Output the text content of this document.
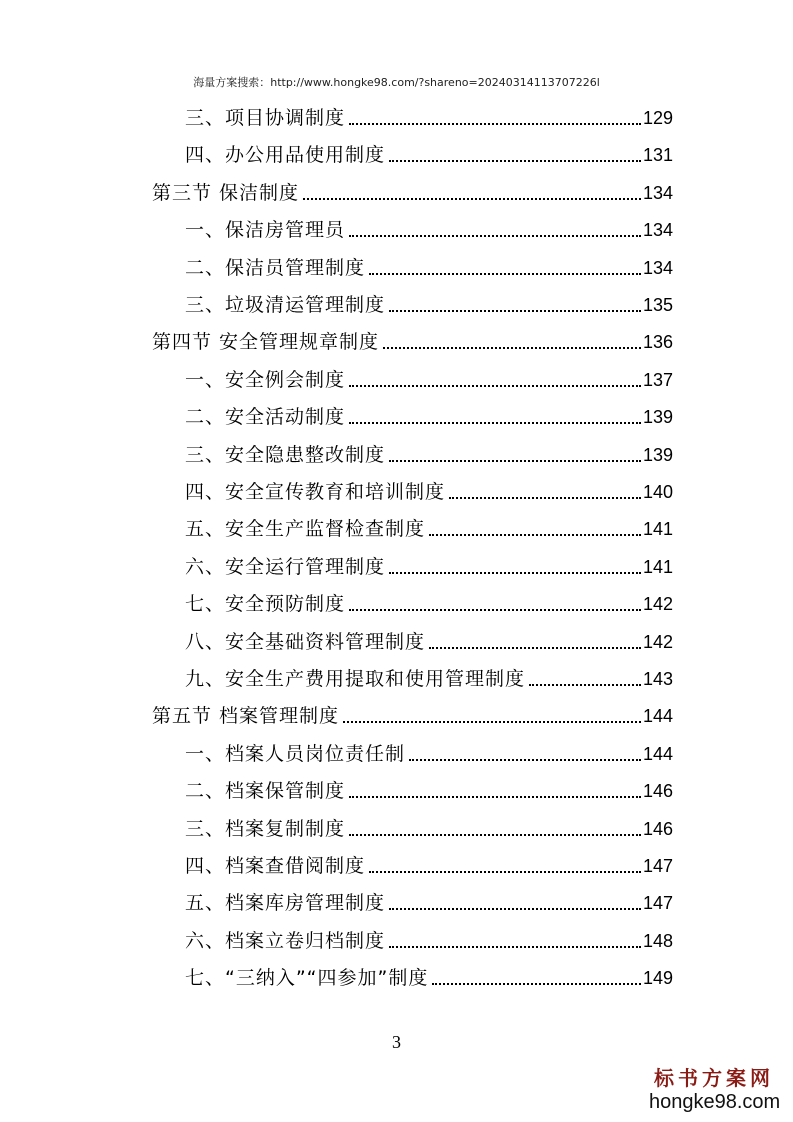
海量方案搜索：http://www.hongke98.com/?shareno=20240314113707226l
三、项目协调制度	129
四、办公用品使用制度	131
第三节 保洁制度	134
一、保洁房管理员	134
二、保洁员管理制度	134
三、垃圾清运管理制度	135
第四节 安全管理规章制度	136
一、安全例会制度	137
二、安全活动制度	139
三、安全隐患整改制度	139
四、安全宣传教育和培训制度	140
五、安全生产监督检查制度	141
六、安全运行管理制度	141
七、安全预防制度	142
八、安全基础资料管理制度	142
九、安全生产费用提取和使用管理制度	143
第五节 档案管理制度	144
一、档案人员岗位责任制	144
二、档案保管制度	146
三、档案复制制度	146
四、档案查借阅制度	147
五、档案库房管理制度	147
六、档案立卷归档制度	148
七、“三纳入”“四参加”制度	149
3
标书方案网
hongke98.com
